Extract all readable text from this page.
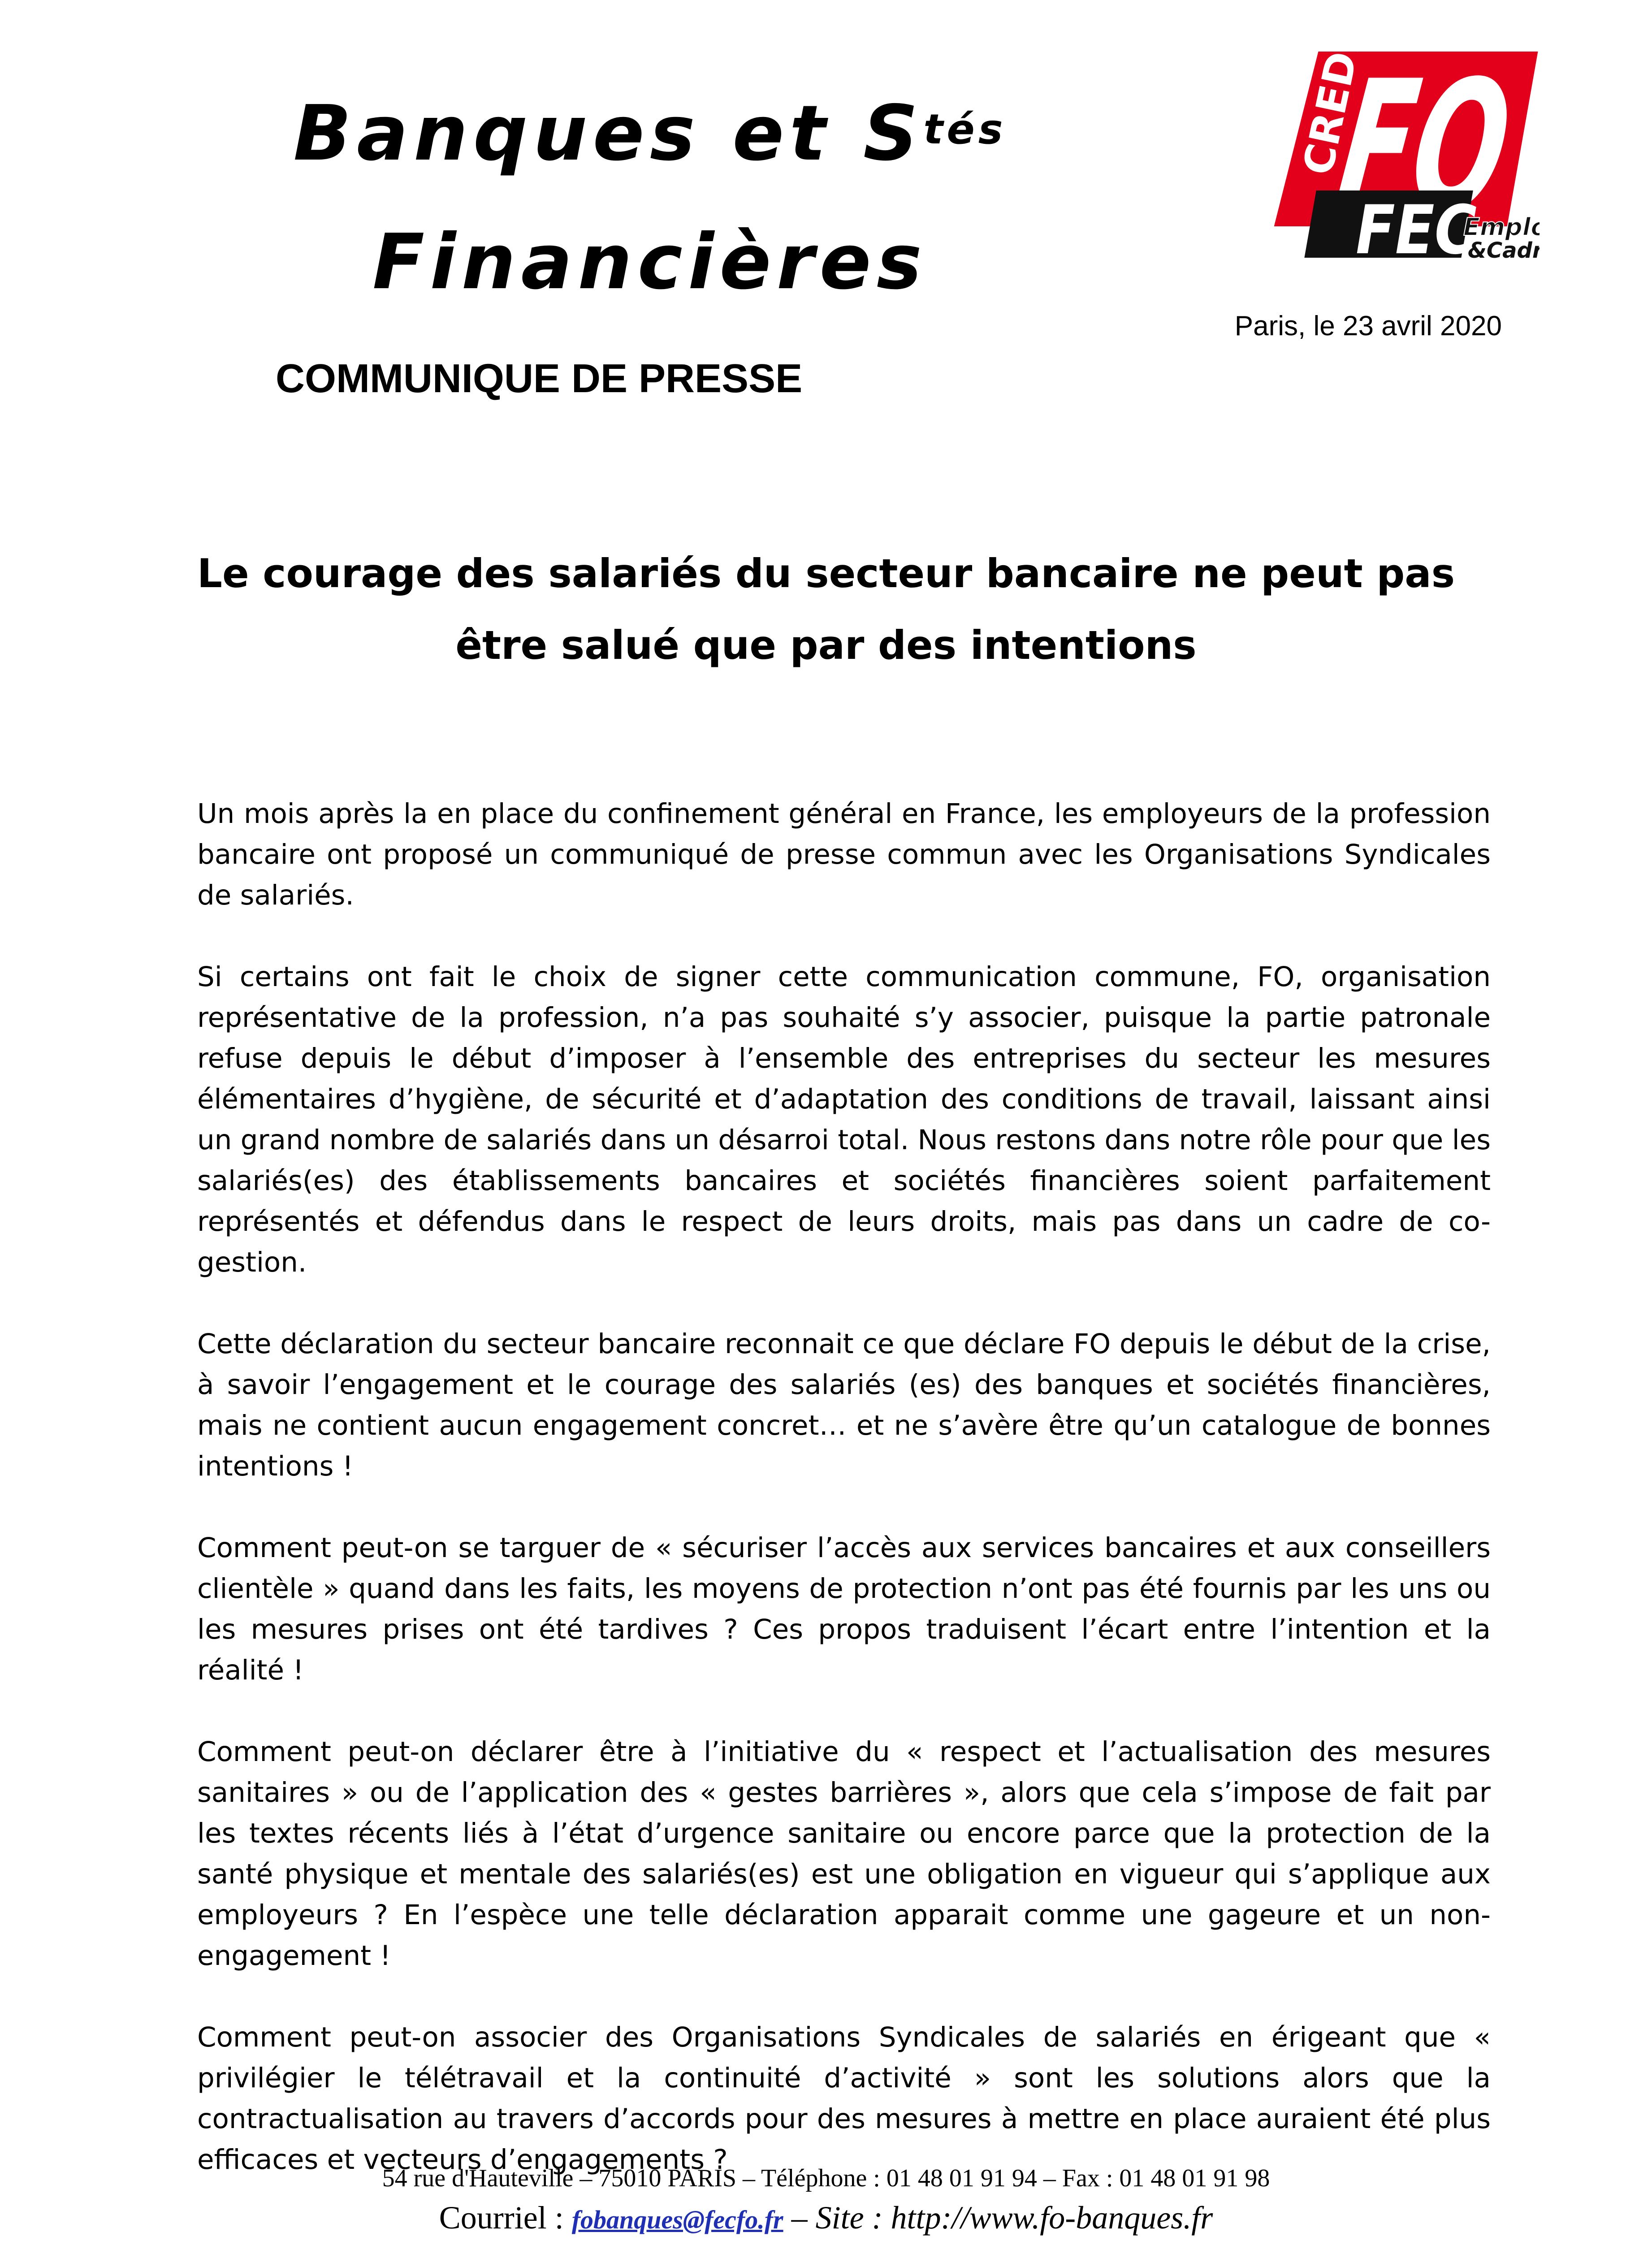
Banques et $S^{tés}$
Financières
FO
CREDIT
FEC
Empl
&Cad
Paris, le 23 avril 2020
COMMUNIQUE DE PRESSE
Le courage des salariés du secteur bancaire ne peut pas
être salué que par des intentions

Un mois après la en place du confinement général en France, les employeurs de la profession bancaire ont proposé un communiqué de presse commun avec les Organisations Syndicales de salariés.

Si certains ont fait le choix de signer cette communication commune, FO, organisation représentative de la profession, n’a pas souhaité s’y associer, puisque la partie patronale refuse depuis le début d’imposer à l’ensemble des entreprises du secteur les mesures élémentaires d’hygiène, de sécurité et d’adaptation des conditions de travail, laissant ainsi un grand nombre de salariés dans un désarroi total. Nous restons dans notre rôle pour que les salariés(es) des établissements bancaires et sociétés financières soient parfaitement représentés et défendus dans le respect de leurs droits, mais pas dans un cadre de co-gestion.

Cette déclaration du secteur bancaire reconnait ce que déclare FO depuis le début de la crise, à savoir l’engagement et le courage des salariés (es) des banques et sociétés financières, mais ne contient aucun engagement concret… et ne s’avère être qu’un catalogue de bonnes intentions !

Comment peut-on se targuer de « sécuriser l’accès aux services bancaires et aux conseillers clientèle » quand dans les faits, les moyens de protection n’ont pas été fournis par les uns ou les mesures prises ont été tardives ? Ces propos traduisent l’écart entre l’intention et la réalité !

Comment peut-on déclarer être à l’initiative du « respect et l’actualisation des mesures sanitaires » ou de l’application des « gestes barrières », alors que cela s’impose de fait par les textes récents liés à l’état d’urgence sanitaire ou encore parce que la protection de la santé physique et mentale des salariés(es) est une obligation en vigueur qui s’applique aux employeurs ? En l’espèce une telle déclaration apparait comme une gageure et un non-engagement !

Comment peut-on associer des Organisations Syndicales de salariés en érigeant que « privilégier le télétravail et la continuité d’activité » sont les solutions alors que la contractualisation au travers d’accords pour des mesures à mettre en place auraient été plus efficaces et vecteurs d’engagements ?

54 rue d'Hauteville – 75010 PARIS – Téléphone : 01 48 01 91 94 – Fax : 01 48 01 91 98
Courriel : fobanques@fecfo.fr – Site : http://www.fo-banques.fr
